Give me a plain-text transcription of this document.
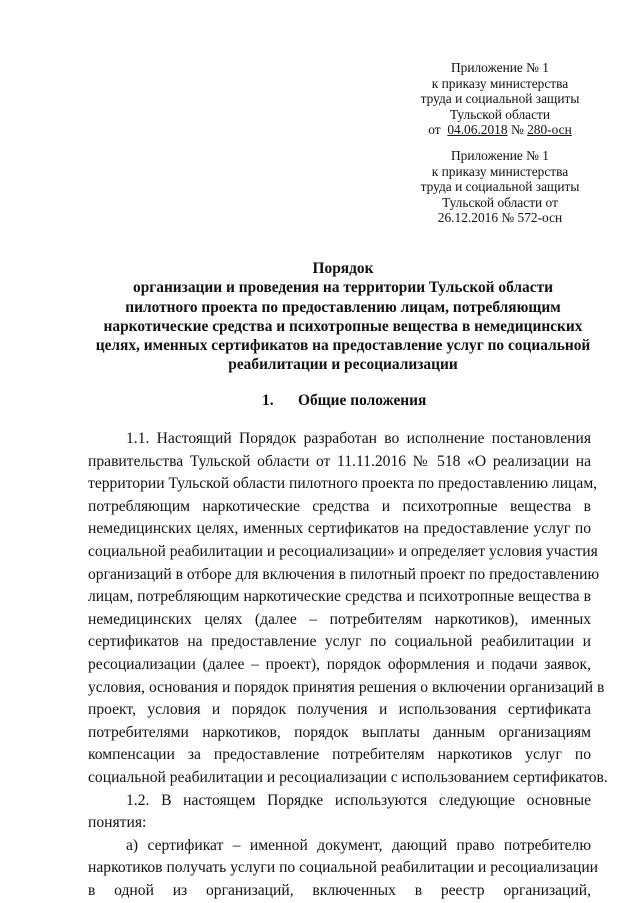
Приложение № 1
к приказу министерства
труда и социальной защиты
Тульской области
от 04.06.2018 № 280-осн
Приложение № 1
к приказу министерства
труда и социальной защиты
Тульской области от
26.12.2016 № 572-осн
Порядок
организации и проведения на территории Тульской области
пилотного проекта по предоставлению лицам, потребляющим
наркотические средства и психотропные вещества в немедицинских
целях, именных сертификатов на предоставление услуг по социальной
реабилитации и ресоциализации
1. Общие положения
1.1. Настоящий Порядок разработан во исполнение постановления
правительства Тульской области от 11.11.2016 № 518 «О реализации на
территории Тульской области пилотного проекта по предоставлению лицам,
потребляющим наркотические средства и психотропные вещества в
немедицинских целях, именных сертификатов на предоставление услуг по
социальной реабилитации и ресоциализации» и определяет условия участия
организаций в отборе для включения в пилотный проект по предоставлению
лицам, потребляющим наркотические средства и психотропные вещества в
немедицинских целях (далее – потребителям наркотиков), именных
сертификатов на предоставление услуг по социальной реабилитации и
ресоциализации (далее – проект), порядок оформления и подачи заявок,
условия, основания и порядок принятия решения о включении организаций в
проект, условия и порядок получения и использования сертификата
потребителями наркотиков, порядок выплаты данным организациям
компенсации за предоставление потребителям наркотиков услуг по
социальной реабилитации и ресоциализации с использованием сертификатов.
1.2. В настоящем Порядке используются следующие основные
понятия:
а) сертификат – именной документ, дающий право потребителю
наркотиков получать услуги по социальной реабилитации и ресоциализации
в одной из организаций, включенных в реестр организаций,
